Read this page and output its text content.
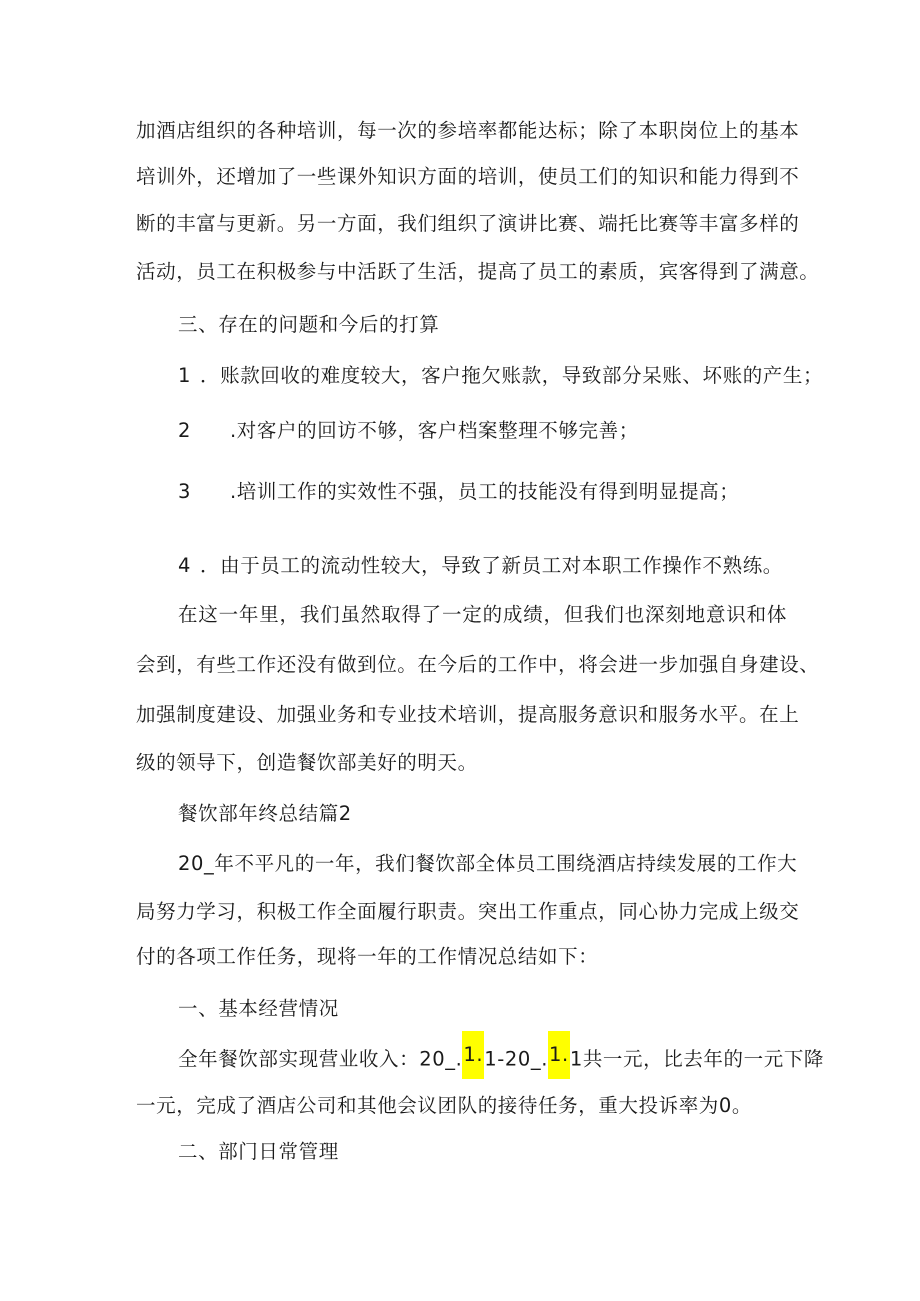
加酒店组织的各种培训，每一次的参培率都能达标；除了本职岗位上的基本
培训外，还增加了一些课外知识方面的培训，使员工们的知识和能力得到不
断的丰富与更新。另一方面，我们组织了演讲比赛、端托比赛等丰富多样的
活动，员工在积极参与中活跃了生活，提高了员工的素质，宾客得到了满意。
三、存在的问题和今后的打算
1 ．账款回收的难度较大，客户拖欠账款，导致部分呆账、坏账的产生；
2 .对客户的回访不够，客户档案整理不够完善；
3 .培训工作的实效性不强，员工的技能没有得到明显提高；
4 ．由于员工的流动性较大，导致了新员工对本职工作操作不熟练。
在这一年里，我们虽然取得了一定的成绩，但我们也深刻地意识和体
会到，有些工作还没有做到位。在今后的工作中，将会进一步加强自身建设、
加强制度建设、加强业务和专业技术培训，提高服务意识和服务水平。在上
级的领导下，创造餐饮部美好的明天。
餐饮部年终总结篇2
20_年不平凡的一年，我们餐饮部全体员工围绕酒店持续发展的工作大
局努力学习，积极工作全面履行职责。突出工作重点，同心协力完成上级交
付的各项工作任务，现将一年的工作情况总结如下：
一、基本经营情况
全年餐饮部实现营业收入：20_.1.1-20_.1.1共一元，比去年的一元下降
一元，完成了酒店公司和其他会议团队的接待任务，重大投诉率为0。
二、部门日常管理
